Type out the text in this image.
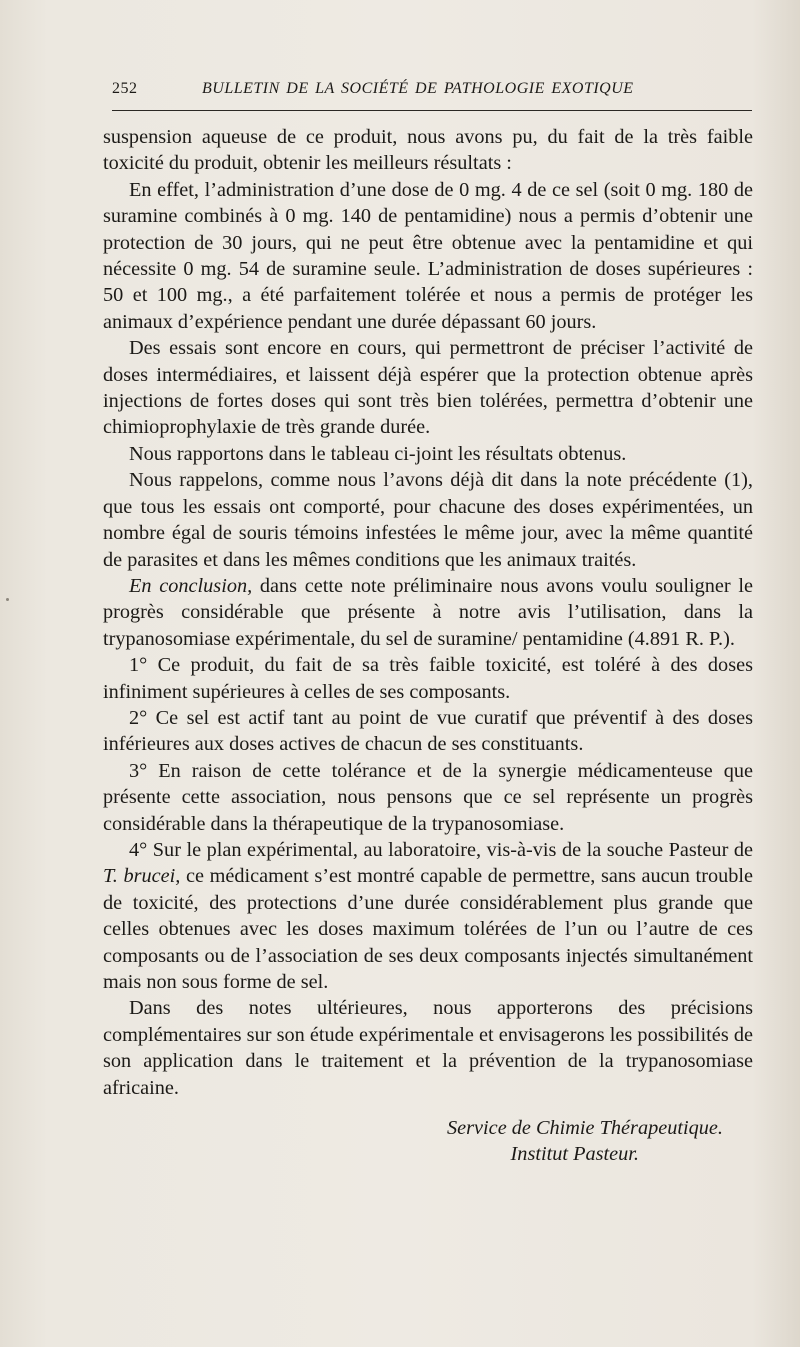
252	BULLETIN DE LA SOCIÉTÉ DE PATHOLOGIE EXOTIQUE

suspension aqueuse de ce produit, nous avons pu, du fait de la très faible toxicité du produit, obtenir les meilleurs résultats :

En effet, l’administration d’une dose de 0 mg. 4 de ce sel (soit 0 mg. 180 de suramine combinés à 0 mg. 140 de pentamidine) nous a permis d’obtenir une protection de 30 jours, qui ne peut être obtenue avec la pentamidine et qui nécessite 0 mg. 54 de suramine seule. L’administration de doses supérieures : 50 et 100 mg., a été parfaitement tolérée et nous a permis de protéger les animaux d’expérience pendant une durée dépassant 60 jours.

Des essais sont encore en cours, qui permettront de préciser l’activité de doses intermédiaires, et laissent déjà espérer que la protection obtenue après injections de fortes doses qui sont très bien tolérées, permettra d’obtenir une chimioprophylaxie de très grande durée.

Nous rapportons dans le tableau ci-joint les résultats obtenus.

Nous rappelons, comme nous l’avons déjà dit dans la note précédente (1), que tous les essais ont comporté, pour chacune des doses expérimentées, un nombre égal de souris témoins infestées le même jour, avec la même quantité de parasites et dans les mêmes conditions que les animaux traités.

En conclusion, dans cette note préliminaire nous avons voulu souligner le progrès considérable que présente à notre avis l’utilisation, dans la trypanosomiase expérimentale, du sel de suramine/ pentamidine (4.891 R. P.).

1° Ce produit, du fait de sa très faible toxicité, est toléré à des doses infiniment supérieures à celles de ses composants.

2° Ce sel est actif tant au point de vue curatif que préventif à des doses inférieures aux doses actives de chacun de ses constituants.

3° En raison de cette tolérance et de la synergie médicamenteuse que présente cette association, nous pensons que ce sel représente un progrès considérable dans la thérapeutique de la trypanosomiase.

4° Sur le plan expérimental, au laboratoire, vis-à-vis de la souche Pasteur de T. brucei, ce médicament s’est montré capable de permettre, sans aucun trouble de toxicité, des protections d’une durée considérablement plus grande que celles obtenues avec les doses maximum tolérées de l’un ou l’autre de ces composants ou de l’association de ses deux composants injectés simultanément mais non sous forme de sel.

Dans des notes ultérieures, nous apporterons des précisions complémentaires sur son étude expérimentale et envisagerons les possibilités de son application dans le traitement et la prévention de la trypanosomiase africaine.

Service de Chimie Thérapeutique.
Institut Pasteur.
